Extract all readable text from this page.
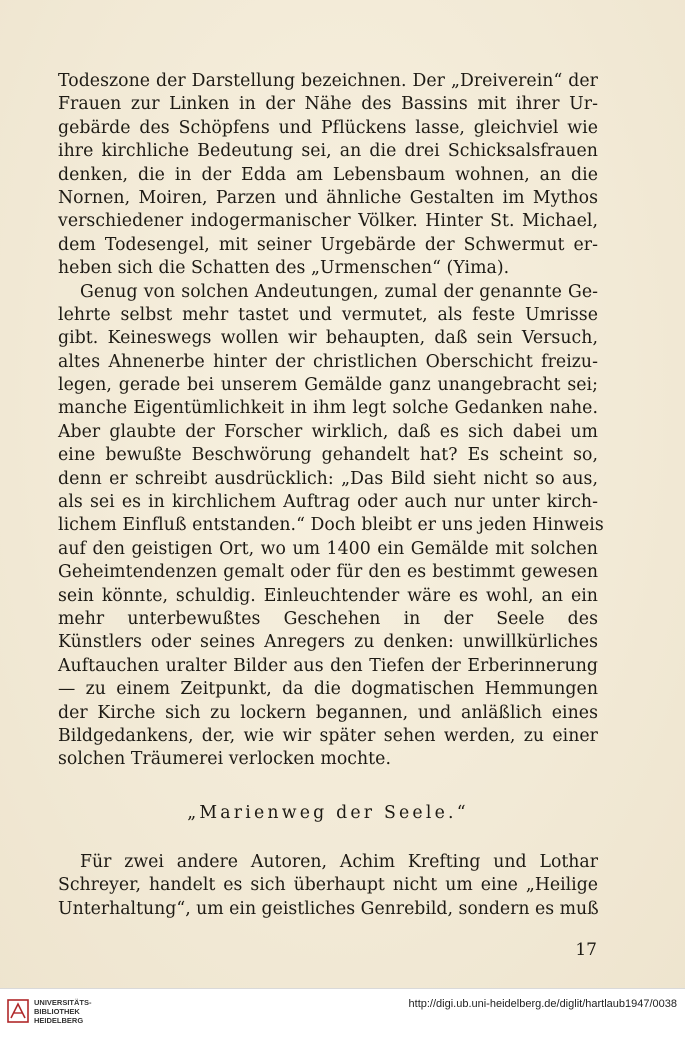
Todeszone der Darstellung bezeichnen. Der „Dreiverein“ der
Frauen zur Linken in der Nähe des Bassins mit ihrer Ur-
gebärde des Schöpfens und Pflückens lasse, gleichviel wie
ihre kirchliche Bedeutung sei, an die drei Schicksalsfrauen
denken, die in der Edda am Lebensbaum wohnen, an die
Nornen, Moiren, Parzen und ähnliche Gestalten im Mythos
verschiedener indogermanischer Völker. Hinter St. Michael,
dem Todesengel, mit seiner Urgebärde der Schwermut er-
heben sich die Schatten des „Urmenschen“ (Yima).
Genug von solchen Andeutungen, zumal der genannte Ge-
lehrte selbst mehr tastet und vermutet, als feste Umrisse
gibt. Keineswegs wollen wir behaupten, daß sein Versuch,
altes Ahnenerbe hinter der christlichen Oberschicht freizu-
legen, gerade bei unserem Gemälde ganz unangebracht sei;
manche Eigentümlichkeit in ihm legt solche Gedanken nahe.
Aber glaubte der Forscher wirklich, daß es sich dabei um
eine bewußte Beschwörung gehandelt hat? Es scheint so,
denn er schreibt ausdrücklich: „Das Bild sieht nicht so aus,
als sei es in kirchlichem Auftrag oder auch nur unter kirch-
lichem Einfluß entstanden.“ Doch bleibt er uns jeden Hinweis
auf den geistigen Ort, wo um 1400 ein Gemälde mit solchen
Geheimtendenzen gemalt oder für den es bestimmt gewesen
sein könnte, schuldig. Einleuchtender wäre es wohl, an ein
mehr unterbewußtes Geschehen in der Seele des
Künstlers oder seines Anregers zu denken: unwillkürliches
Auftauchen uralter Bilder aus den Tiefen der Erberinnerung
— zu einem Zeitpunkt, da die dogmatischen Hemmungen
der Kirche sich zu lockern begannen, und anläßlich eines
Bildgedankens, der, wie wir später sehen werden, zu einer
solchen Träumerei verlocken mochte.
„Marienweg der Seele.“
Für zwei andere Autoren, Achim Krefting und Lothar
Schreyer, handelt es sich überhaupt nicht um eine „Heilige
Unterhaltung“, um ein geistliches Genrebild, sondern es muß
17
UNIVERSITÄTS-
BIBLIOTHEK
HEIDELBERG
http://digi.ub.uni-heidelberg.de/diglit/hartlaub1947/0038
